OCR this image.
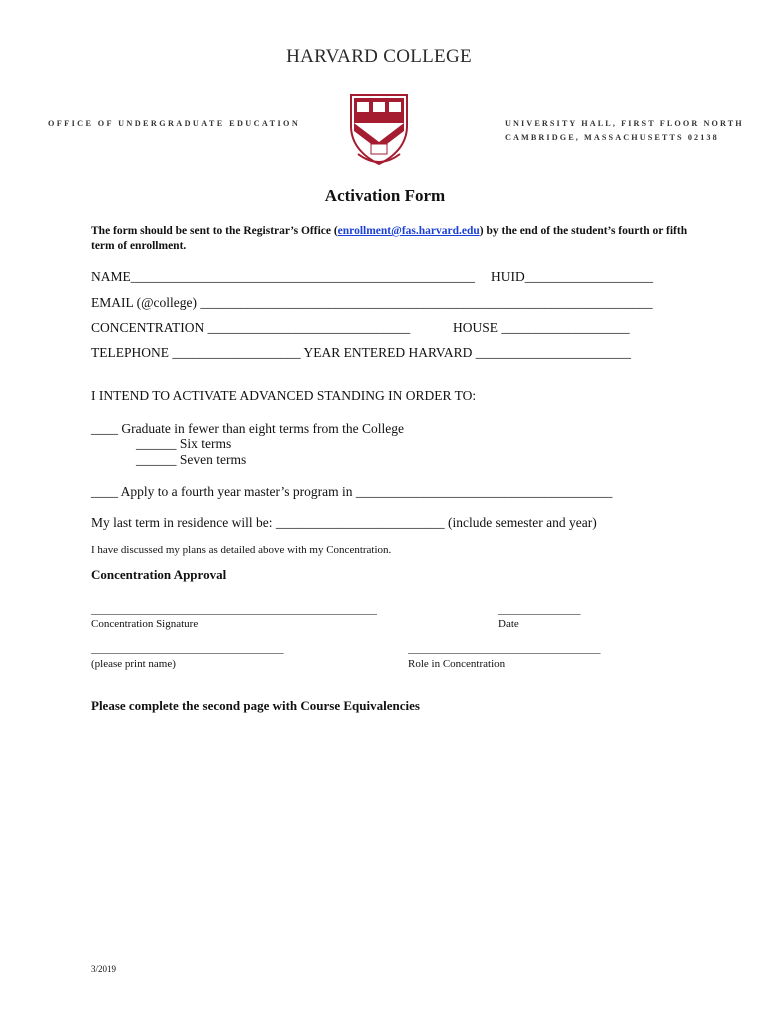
HARVARD COLLEGE
OFFICE OF UNDERGRADUATE EDUCATION	UNIVERSITY HALL, FIRST FLOOR NORTH
CAMBRIDGE, MASSACHUSETTS 02138
Activation Form
The form should be sent to the Registrar’s Office (enrollment@fas.harvard.edu) by the end of the student’s fourth or fifth term of enrollment.
NAME___________________________________________________ HUID___________________
EMAIL (@college) ___________________________________________________________________
CONCENTRATION ______________________________	HOUSE ___________________
TELEPHONE ___________________ YEAR ENTERED HARVARD _______________________
I INTEND TO ACTIVATE ADVANCED STANDING IN ORDER TO:
____ Graduate in fewer than eight terms from the College
______ Six terms
______ Seven terms
____ Apply to a fourth year master’s program in ______________________________________
My last term in residence will be: _________________________ (include semester and year)
I have discussed my plans as detailed above with my Concentration.
Concentration Approval
____________________________________________________
Concentration Signature
_______________
Date
___________________________________
(please print name)
___________________________________
Role in Concentration
Please complete the second page with Course Equivalencies
3/2019
